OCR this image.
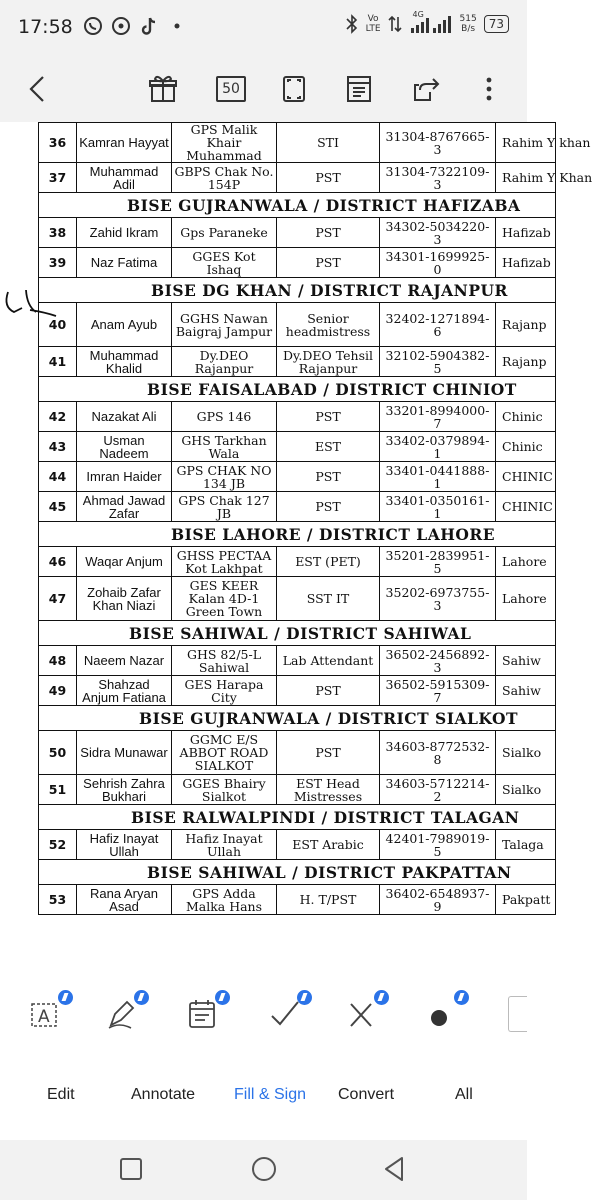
17:58	Vo
LTE
4G	515
B/s	73
50
36	Kamran Hayyat	GPS Malik Khair Muhammad	STI	31304-8767665-3	Rahim Y khan
37	Muhammad Adil	GBPS Chak No. 154P	PST	31304-7322109-3	Rahim Y Khan
BISE GUJRANWALA / DISTRICT HAFIZABA					
38	Zahid Ikram	Gps Paraneke	PST	34302-5034220-3	Hafizab
39	Naz Fatima	GGES Kot Ishaq	PST	34301-1699925-0	Hafizab
BISE DG KHAN / DISTRICT RAJANPUR					
40	Anam Ayub	GGHS Nawan Baigraj Jampur	Senior headmistress	32402-1271894-6	Rajanp
41	Muhammad Khalid	Dy.DEO Rajanpur	Dy.DEO Tehsil Rajanpur	32102-5904382-5	Rajanp
BISE FAISALABAD / DISTRICT CHINIOT					
42	Nazakat Ali	GPS 146	PST	33201-8994000-7	Chinic
43	Usman Nadeem	GHS Tarkhan Wala	EST	33402-0379894-1	Chinic
44	Imran Haider	GPS CHAK NO 134 JB	PST	33401-0441888-1	CHINIC
45	Ahmad Jawad Zafar	GPS Chak 127 JB	PST	33401-0350161-1	CHINIC
BISE LAHORE / DISTRICT LAHORE					
46	Waqar Anjum	GHSS PECTAA Kot Lakhpat	EST (PET)	35201-2839951-5	Lahore
47	Zohaib Zafar Khan Niazi	GES KEER Kalan 4D-1 Green Town	SST IT	35202-6973755-3	Lahore
BISE SAHIWAL / DISTRICT SAHIWAL					
48	Naeem Nazar	GHS 82/5-L Sahiwal	Lab Attendant	36502-2456892-3	Sahiw
49	Shahzad Anjum Fatiana	GES Harapa City	PST	36502-5915309-7	Sahiw
BISE GUJRANWALA / DISTRICT SIALKOT					
50	Sidra Munawar	GGMC E/S ABBOT ROAD SIALKOT	PST	34603-8772532-8	Sialko
51	Sehrish Zahra Bukhari	GGES Bhairy Sialkot	EST Head Mistresses	34603-5712214-2	Sialko
BISE RALWALPINDI / DISTRICT TALAGAN					
52	Hafiz Inayat Ullah	Hafiz Inayat Ullah	EST Arabic	42401-7989019-5	Talaga
BISE SAHIWAL / DISTRICT PAKPATTAN					
53	Rana Aryan Asad	GPS Adda Malka Hans	H. T/PST	36402-6548937-9	Pakpatt
A
Edit	Annotate Fill & Sign Convert	All
